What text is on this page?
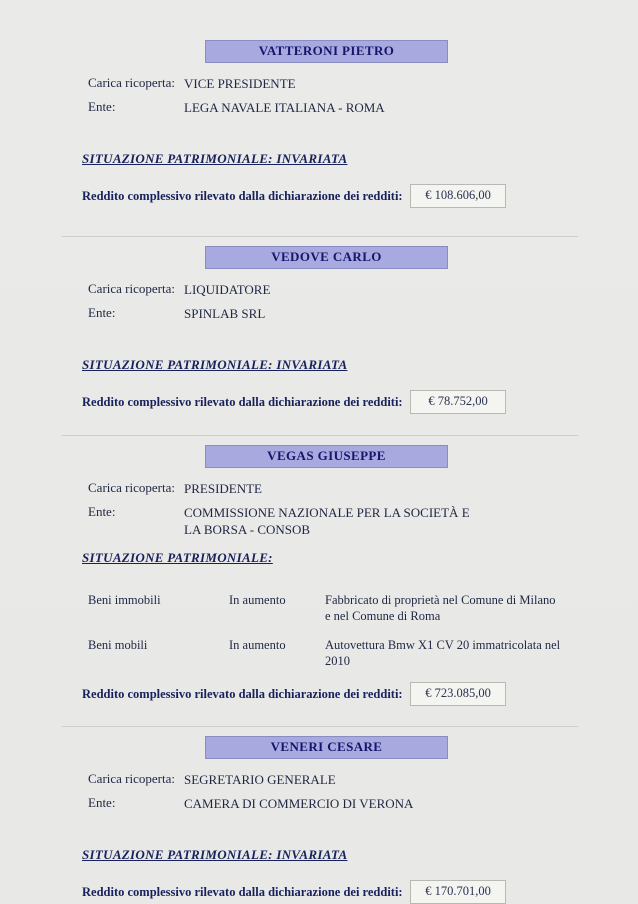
VATTERONI PIETRO
Carica ricoperta: VICE PRESIDENTE
Ente:	LEGA NAVALE ITALIANA - ROMA
SITUAZIONE PATRIMONIALE: INVARIATA
Reddito complessivo rilevato dalla dichiarazione dei redditi:	€ 108.606,00
VEDOVE CARLO
Carica ricoperta: LIQUIDATORE
Ente:	SPINLAB SRL
SITUAZIONE PATRIMONIALE: INVARIATA
Reddito complessivo rilevato dalla dichiarazione dei redditi:	€ 78.752,00
VEGAS GIUSEPPE
Carica ricoperta: PRESIDENTE
Ente:	COMMISSIONE NAZIONALE PER LA SOCIETÀ E LA BORSA - CONSOB
SITUAZIONE PATRIMONIALE:
Beni immobili	In aumento	Fabbricato di proprietà nel Comune di Milano e nel Comune di Roma
Beni mobili	In aumento	Autovettura Bmw X1 CV 20 immatricolata nel 2010
Reddito complessivo rilevato dalla dichiarazione dei redditi:	€ 723.085,00
VENERI CESARE
Carica ricoperta: SEGRETARIO GENERALE
Ente:	CAMERA DI COMMERCIO DI VERONA
SITUAZIONE PATRIMONIALE: INVARIATA
Reddito complessivo rilevato dalla dichiarazione dei redditi:	€ 170.701,00
